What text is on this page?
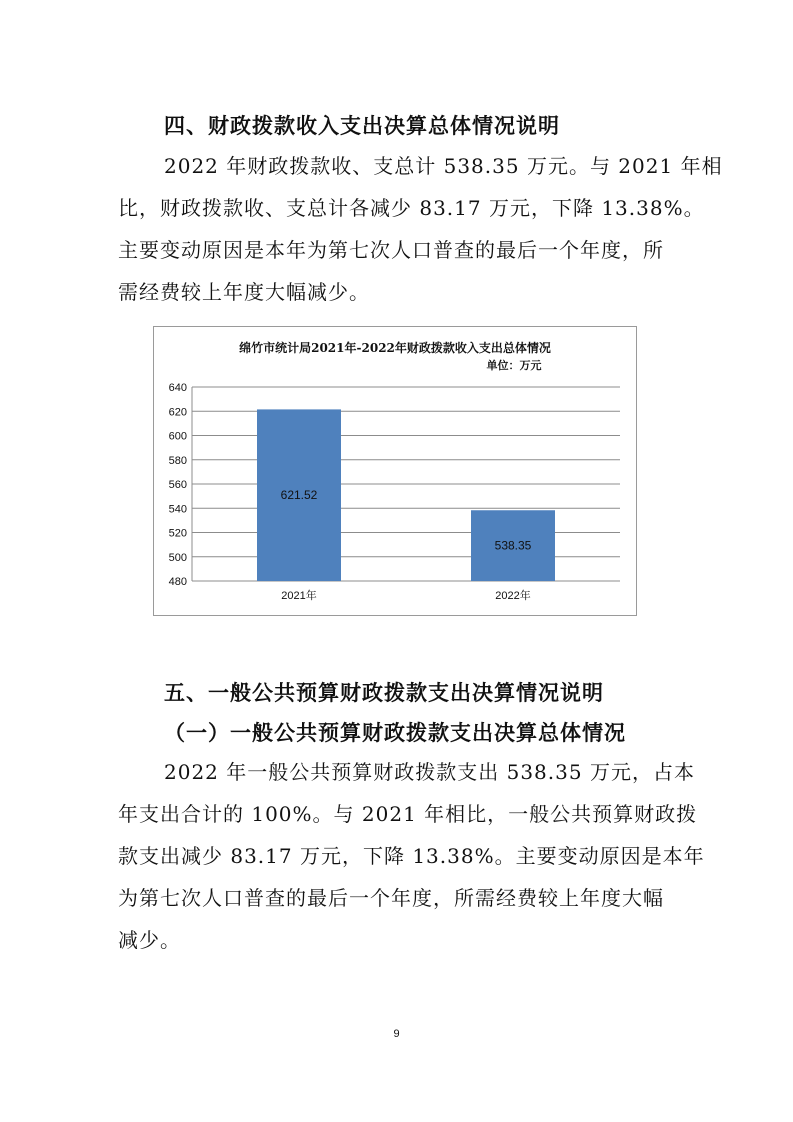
四、财政拨款收入支出决算总体情况说明
2022 年财政拨款收、支总计 538.35 万元。与 2021 年相
比，财政拨款收、支总计各减少 83.17 万元，下降 13.38%。
主要变动原因是本年为第七次人口普查的最后一个年度，所
需经费较上年度大幅减少。
绵竹市统计局2021年-2022年财政拨款收入支出总体情况
单位：万元
480
500
520
540
560
580
600
620
640
621.52
2021年
538.35
2022年
五、一般公共预算财政拨款支出决算情况说明
（一）一般公共预算财政拨款支出决算总体情况
2022 年一般公共预算财政拨款支出 538.35 万元，占本
年支出合计的 100%。与 2021 年相比，一般公共预算财政拨
款支出减少 83.17 万元，下降 13.38%。主要变动原因是本年
为第七次人口普查的最后一个年度，所需经费较上年度大幅
减少。
9
